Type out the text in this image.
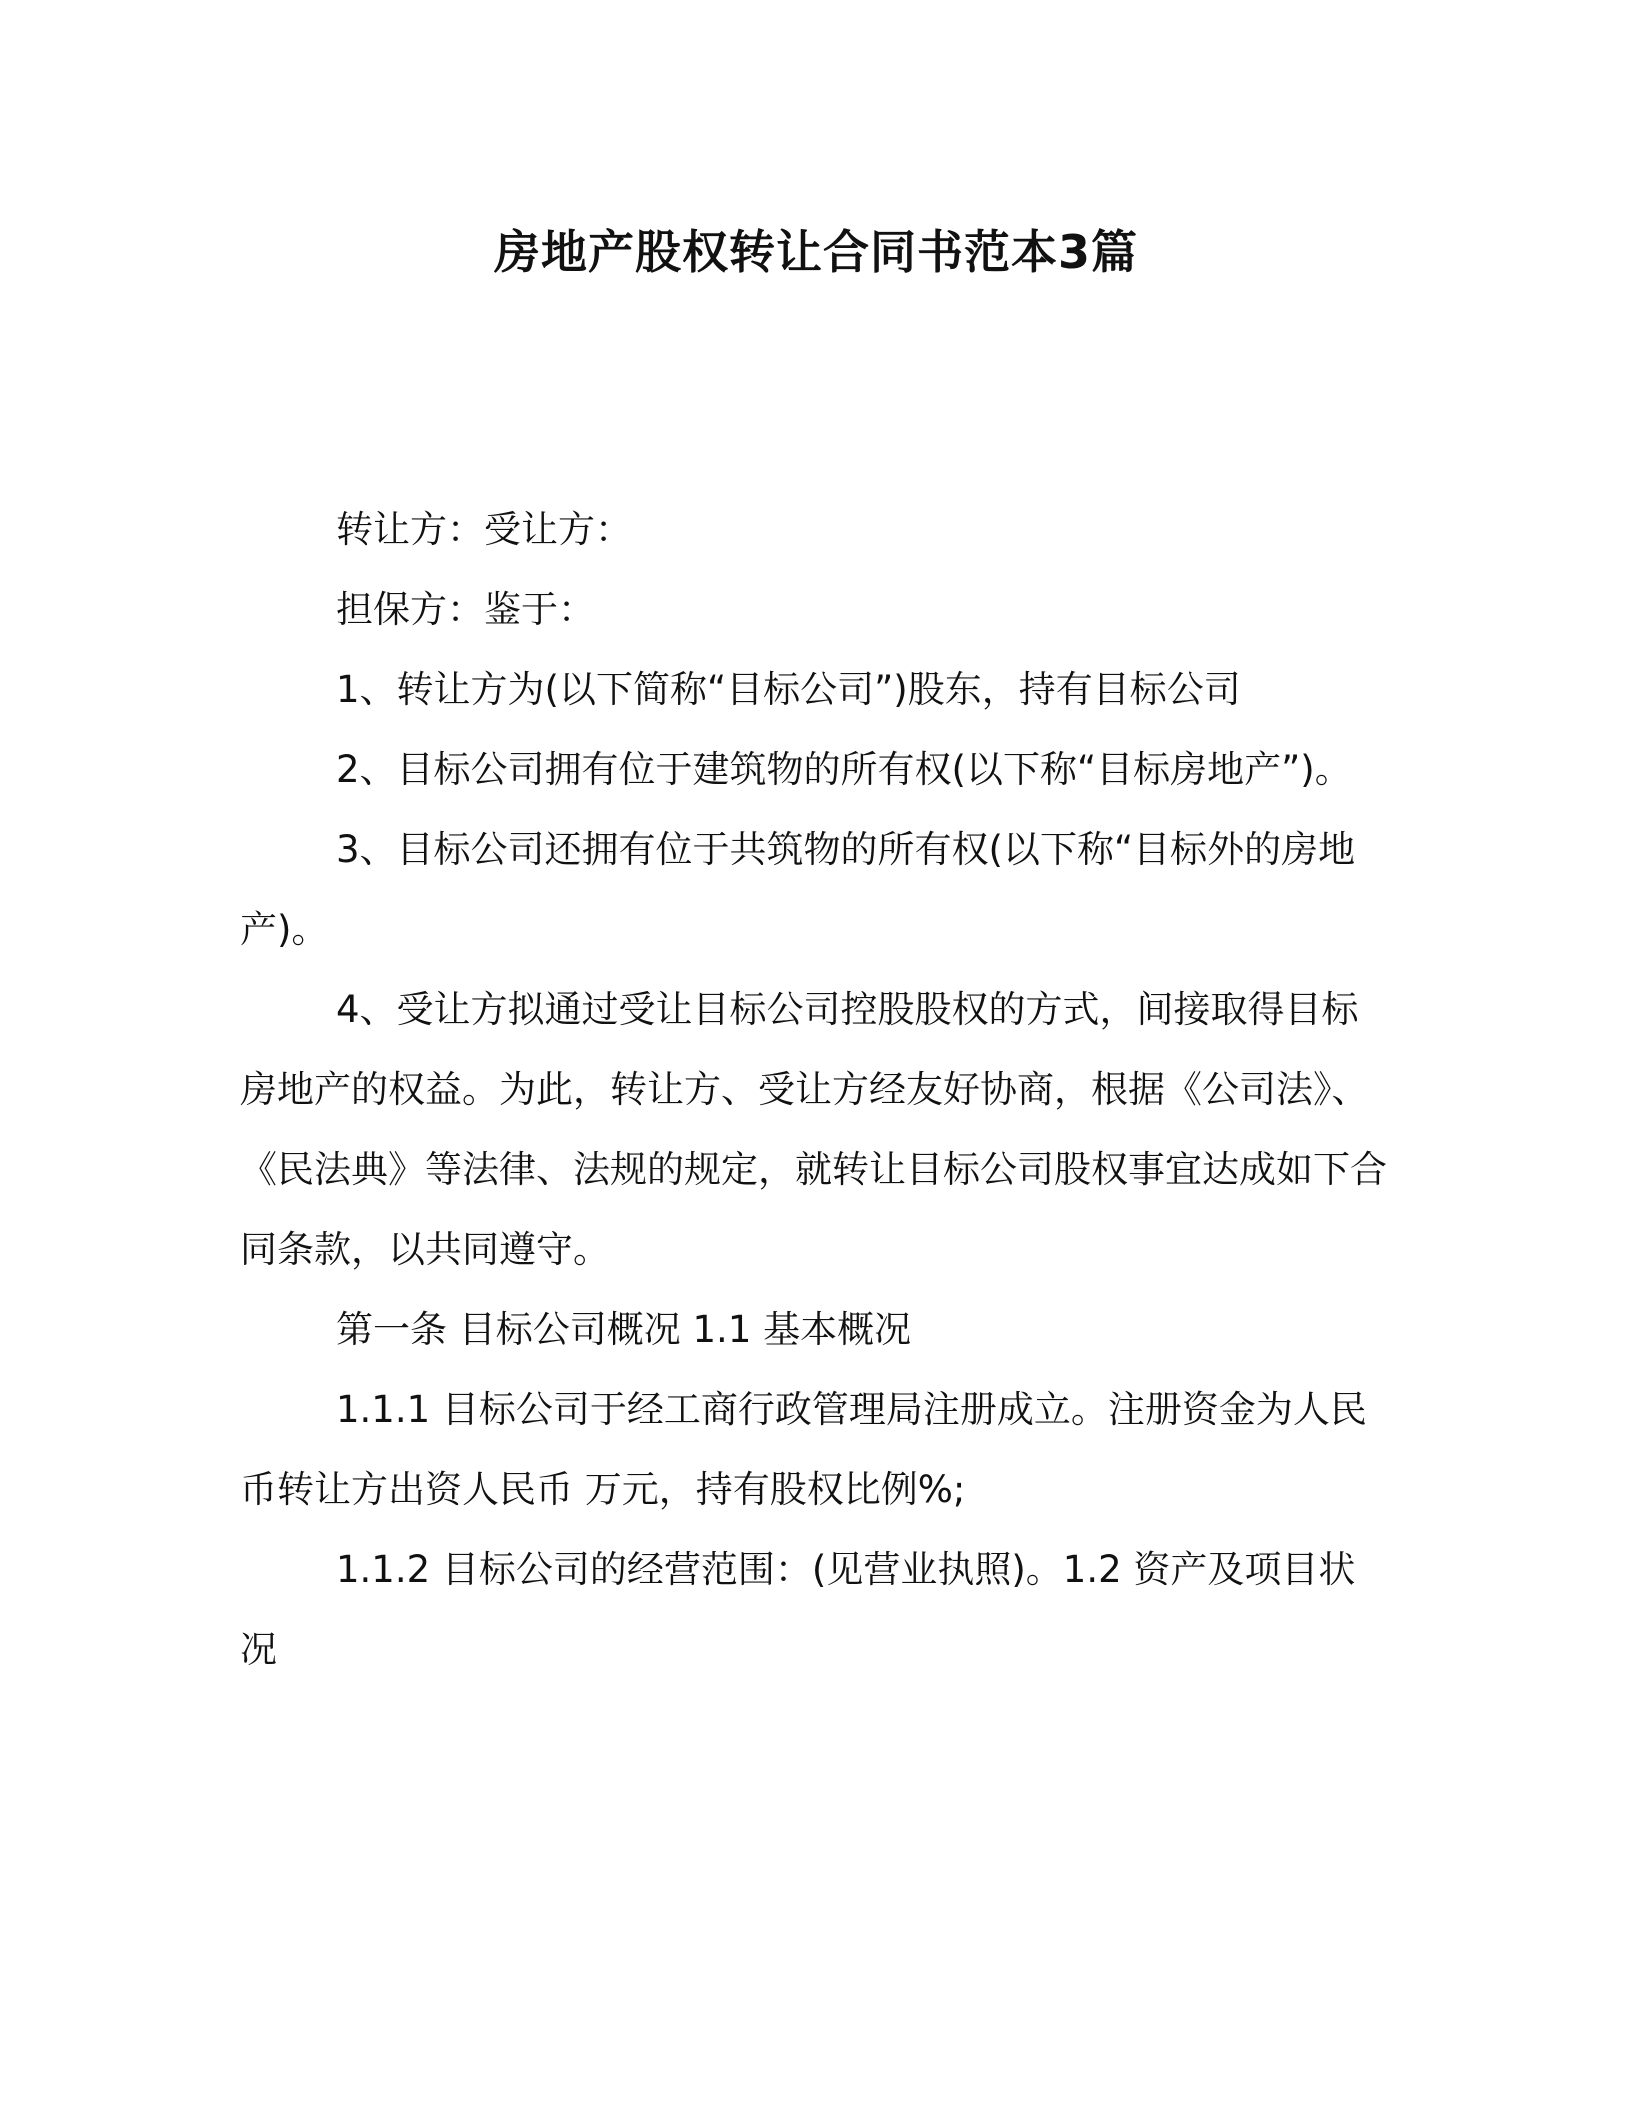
房地产股权转让合同书范本3篇

转让方：受让方：

担保方：鉴于：

1、转让方为(以下简称“目标公司”)股东，持有目标公司

2、目标公司拥有位于建筑物的所有权(以下称“目标房地产”)。

3、目标公司还拥有位于共筑物的所有权(以下称“目标外的房地产)。

4、受让方拟通过受让目标公司控股股权的方式，间接取得目标房地产的权益。为此，转让方、受让方经友好协商，根据《公司法》、《民法典》等法律、法规的规定，就转让目标公司股权事宜达成如下合同条款，以共同遵守。

第一条 目标公司概况 1.1 基本概况

1.1.1 目标公司于经工商行政管理局注册成立。注册资金为人民币转让方出资人民币 万元，持有股权比例%;

1.1.2 目标公司的经营范围：(见营业执照)。1.2 资产及项目状况
